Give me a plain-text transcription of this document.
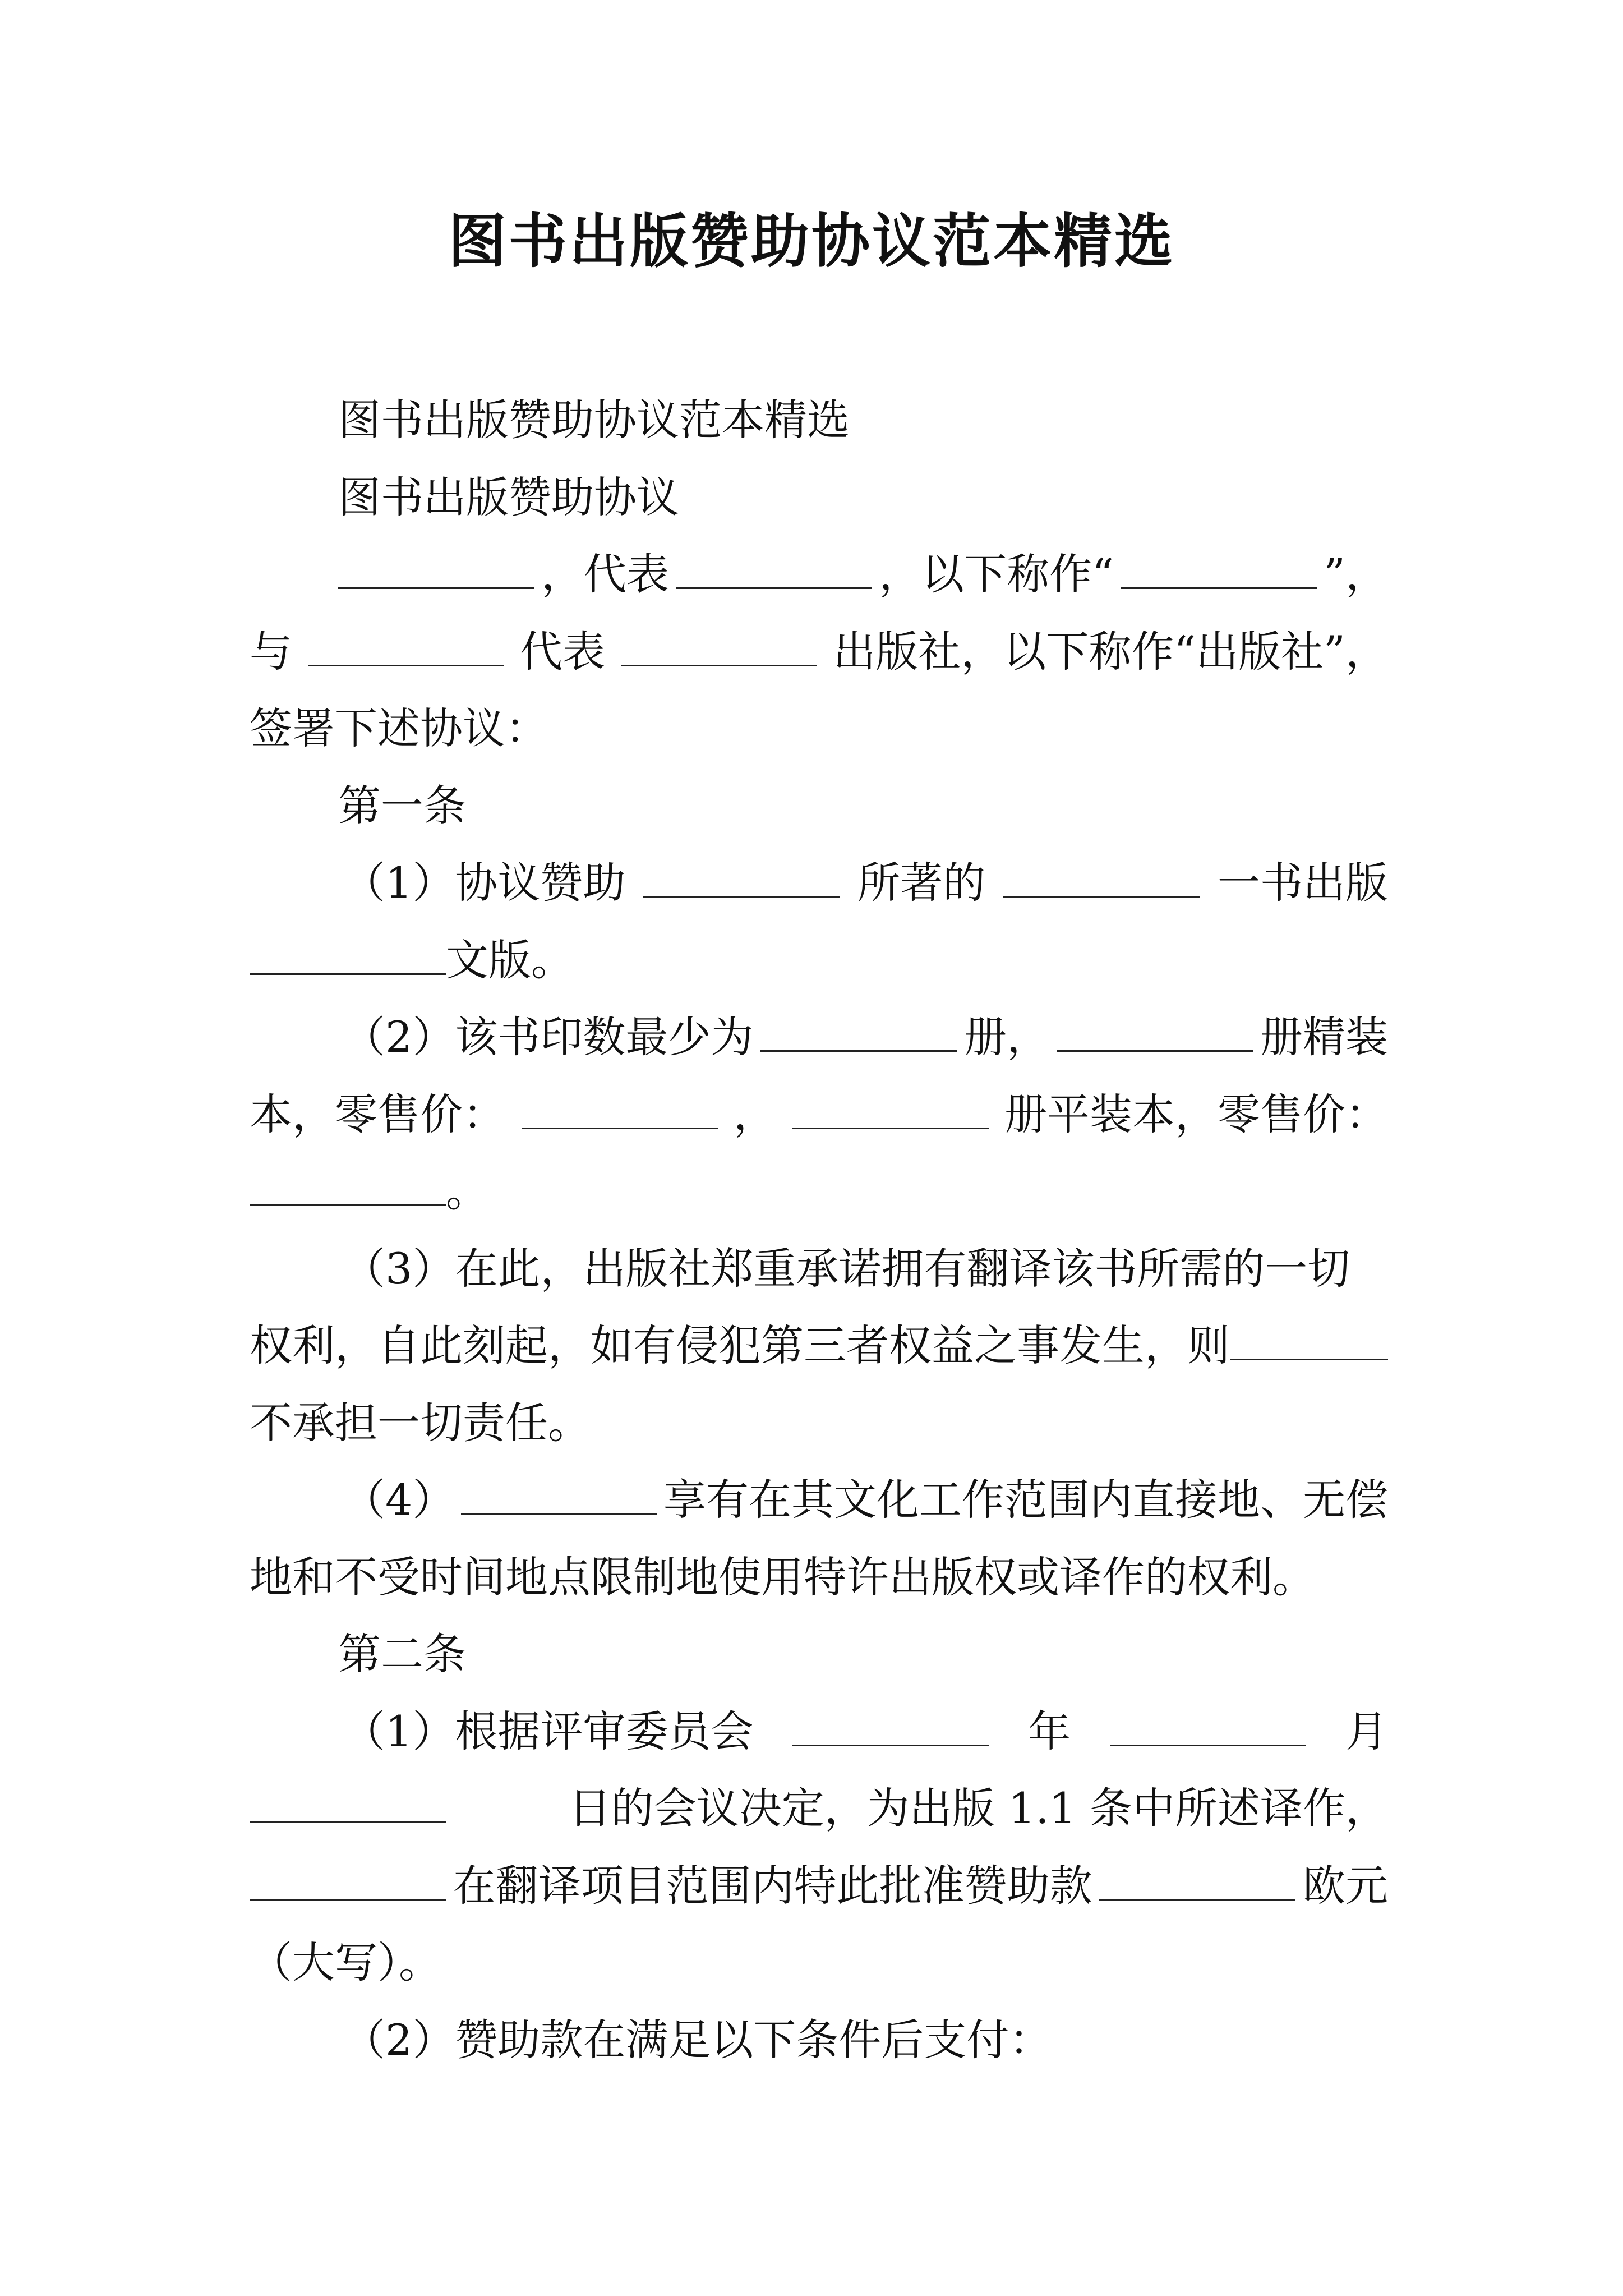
图书出版赞助协议范本精选
图书出版赞助协议范本精选
图书出版赞助协议
，代表	，以下称作“	”，
与	代表	出版社，以下称作“出版社”，
签署下述协议：
第一条
（1）协议赞助	所著的	一书出版
文版。
（2）该书印数最少为	册，	册精装
本，零售价：	，	册平装本，零售价：
。
（3）在此，出版社郑重承诺拥有翻译该书所需的一切
权利，自此刻起，如有侵犯第三者权益之事发生，则
不承担一切责任。
（4）	享有在其文化工作范围内直接地、无偿
地和不受时间地点限制地使用特许出版权或译作的权利。
第二条
（1）根据评审委员会	年	月
日的会议决定，为出版 1.1 条中所述译作，
在翻译项目范围内特此批准赞助款	欧元
（大写）。
（2）赞助款在满足以下条件后支付：
